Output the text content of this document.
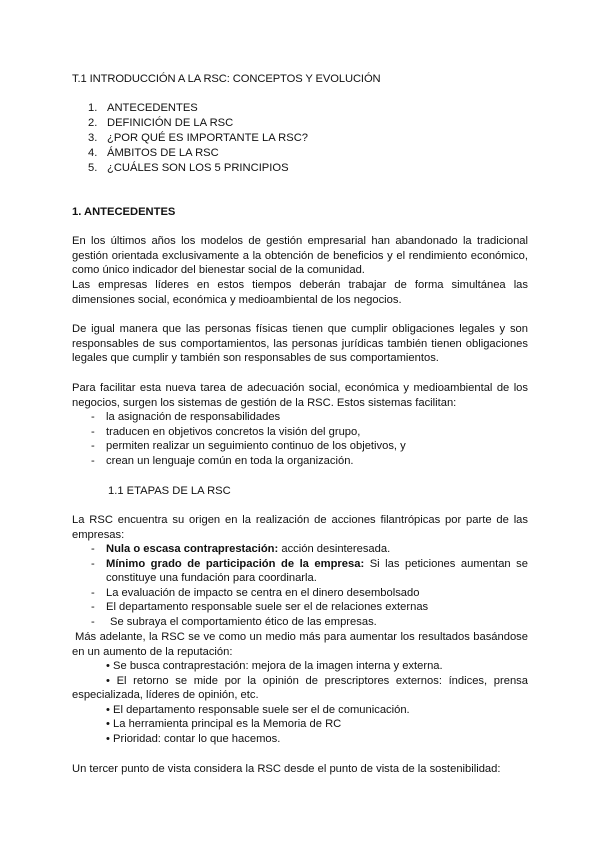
T.1 INTRODUCCIÓN A LA RSC: CONCEPTOS Y EVOLUCIÓN
1. ANTECEDENTES
2. DEFINICIÓN DE LA RSC
3. ¿POR QUÉ ES IMPORTANTE LA RSC?
4. ÁMBITOS DE LA RSC
5. ¿CUÁLES SON LOS 5 PRINCIPIOS
1. ANTECEDENTES
En los últimos años los modelos de gestión empresarial han abandonado la tradicional gestión orientada exclusivamente a la obtención de beneficios y el rendimiento económico, como único indicador del bienestar social de la comunidad.
Las empresas líderes en estos tiempos deberán trabajar de forma simultánea las dimensiones social, económica y medioambiental de los negocios.
De igual manera que las personas físicas tienen que cumplir obligaciones legales y son responsables de sus comportamientos, las personas jurídicas también tienen obligaciones legales que cumplir y también son responsables de sus comportamientos.
Para facilitar esta nueva tarea de adecuación social, económica y medioambiental de los negocios, surgen los sistemas de gestión de la RSC. Estos sistemas facilitan:
- la asignación de responsabilidades
- traducen en objetivos concretos la visión del grupo,
- permiten realizar un seguimiento continuo de los objetivos, y
- crean un lenguaje común en toda la organización.
1.1 ETAPAS DE LA RSC
La RSC encuentra su origen en la realización de acciones filantrópicas por parte de las empresas:
- Nula o escasa contraprestación: acción desinteresada.
- Mínimo grado de participación de la empresa: Si las peticiones aumentan se constituye una fundación para coordinarla.
- La evaluación de impacto se centra en el dinero desembolsado
- El departamento responsable suele ser el de relaciones externas
- Se subraya el comportamiento ético de las empresas.
Más adelante, la RSC se ve como un medio más para aumentar los resultados basándose en un aumento de la reputación:
• Se busca contraprestación: mejora de la imagen interna y externa.
• El retorno se mide por la opinión de prescriptores externos: índices, prensa especializada, líderes de opinión, etc.
• El departamento responsable suele ser el de comunicación.
• La herramienta principal es la Memoria de RC
• Prioridad: contar lo que hacemos.
Un tercer punto de vista considera la RSC desde el punto de vista de la sostenibilidad:
